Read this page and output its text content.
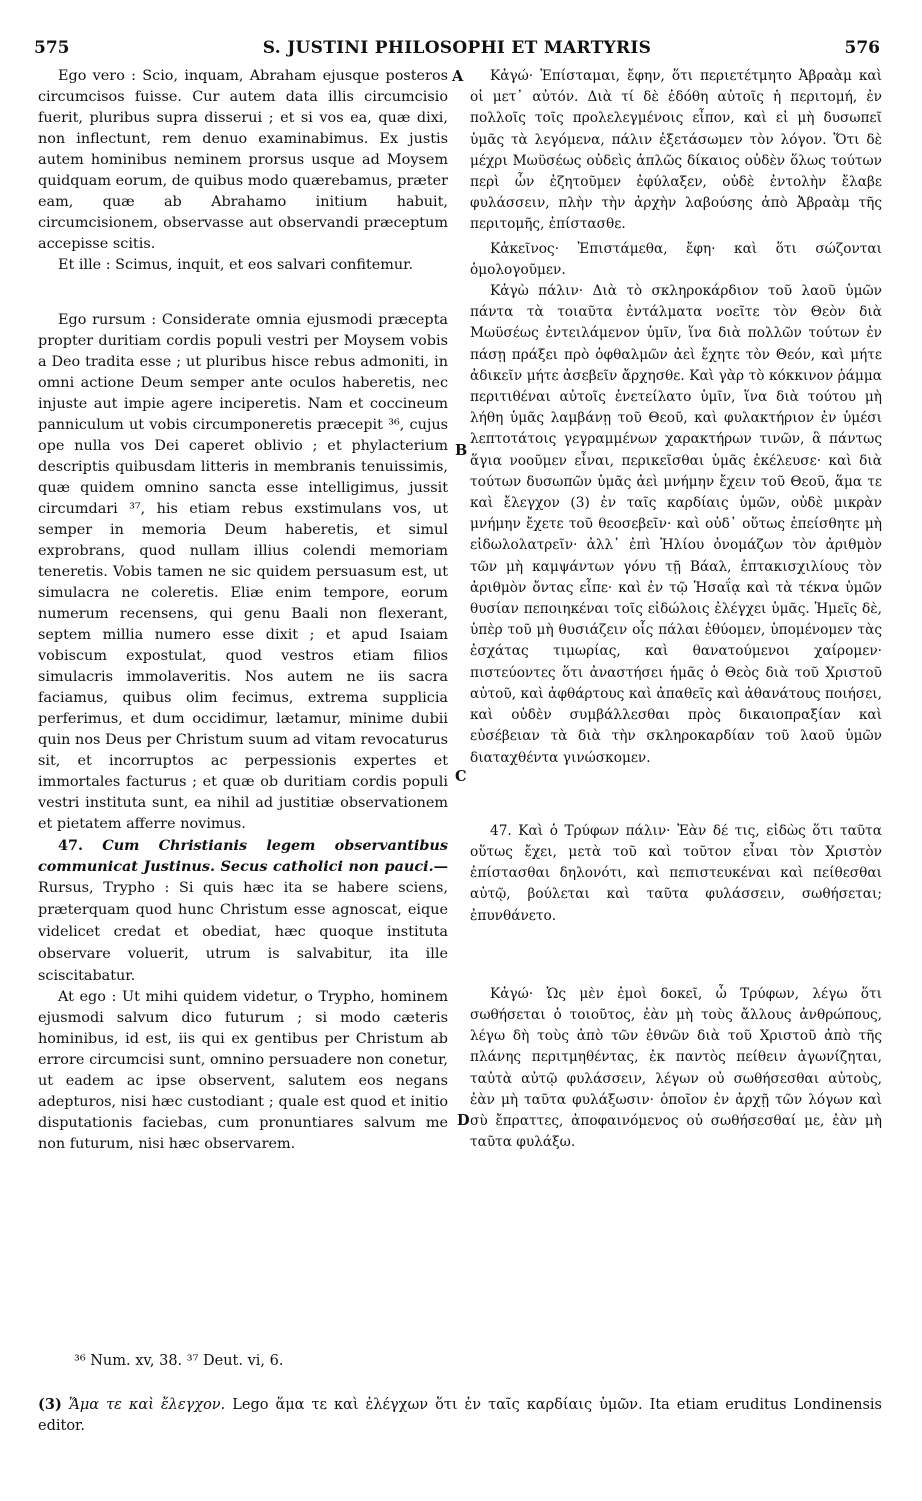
575	S. JUSTINI PHILOSOPHI ET MARTYRIS	576

Ego vero : Scio, inquam, Abraham ejusque posteros circumcisos fuisse. Cur autem data illis circumcisio fuerit, pluribus supra disserui ; et si vos ea, quæ dixi, non inflectunt, rem denuo examinabimus. Ex justis autem hominibus neminem prorsus usque ad Moysem quidquam eorum, de quibus modo quærebamus, præter eam, quæ ab Abrahamo initium habuit, circumcisionem, observasse aut observandi præceptum accepisse scitis.

Et ille : Scimus, inquit, et eos salvari confitemur.

Ego rursum : Considerate omnia ejusmodi præcepta propter duritiam cordis populi vestri per Moysem vobis a Deo tradita esse ; ut pluribus hisce rebus admoniti, in omni actione Deum semper ante oculos haberetis, nec injuste aut impie agere inciperetis. Nam et coccineum panniculum ut vobis circumponeretis præcepit ³⁶, cujus ope nulla vos Dei caperet oblivio ; et phylacterium descriptis quibusdam litteris in membranis tenuissimis, quæ quidem omnino sancta esse intelligimus, jussit circumdari ³⁷, his etiam rebus exstimulans vos, ut semper in memoria Deum haberetis, et simul exprobrans, quod nullam illius colendi memoriam teneretis. Vobis tamen ne sic quidem persuasum est, ut simulacra ne coleretis. Eliæ enim tempore, eorum numerum recensens, qui genu Baali non flexerant, septem millia numero esse dixit ; et apud Isaiam vobiscum expostulat, quod vestros etiam filios simulacris immolaveritis. Nos autem ne iis sacra faciamus, quibus olim fecimus, extrema supplicia perferimus, et dum occidimur, lætamur, minime dubii quin nos Deus per Christum suum ad vitam revocaturus sit, et incorruptos ac perpessionis expertes et immortales facturus ; et quæ ob duritiam cordis populi vestri instituta sunt, ea nihil ad justitiæ observationem et pietatem afferre novimus.

47. Cum Christianis legem observantibus communicat Justinus. Secus catholici non pauci.— Rursus, Trypho : Si quis hæc ita se habere sciens, præterquam quod hunc Christum esse agnoscat, eique videlicet credat et obediat, hæc quoque instituta observare voluerit, utrum is salvabitur, ita ille sciscitabatur.

At ego : Ut mihi quidem videtur, o Trypho, hominem ejusmodi salvum dico futurum ; si modo cæteris hominibus, id est, iis qui ex gentibus per Christum ab errore circumcisi sunt, omnino persuadere non conetur, ut eadem ac ipse observent, salutem eos negans adepturos, nisi hæc custodiant ; quale est quod et initio disputationis faciebas, cum pronuntiares salvum me non futurum, nisi hæc observarem.

Κἀγώ· Ἐπίσταμαι, ἔφην, ὅτι περιετέτμητο Ἀβραὰμ καὶ οἱ μετ᾽ αὐτόν. Διὰ τί δὲ ἐδόθη αὐτοῖς ἡ περιτομή, ἐν πολλοῖς τοῖς προλελεγμένοις εἶπον, καὶ εἰ μὴ δυσωπεῖ ὑμᾶς τὰ λεγόμενα, πάλιν ἐξετάσωμεν τὸν λόγον. Ὅτι δὲ μέχρι Μωϋσέως οὐδεὶς ἁπλῶς δίκαιος οὐδὲν ὅλως τούτων περὶ ὧν ἐζητοῦμεν ἐφύλαξεν, οὐδὲ ἐντολὴν ἔλαβε φυλάσσειν, πλὴν τὴν ἀρχὴν λαβούσης ἀπὸ Ἀβραὰμ τῆς περιτομῆς, ἐπίστασθε.

Κἀκεῖνος· Ἐπιστάμεθα, ἔφη· καὶ ὅτι σώζονται ὁμολογοῦμεν.

Κἀγὼ πάλιν· Διὰ τὸ σκληροκάρδιον τοῦ λαοῦ ὑμῶν πάντα τὰ τοιαῦτα ἐντάλματα νοεῖτε τὸν Θεὸν διὰ Μωϋσέως ἐντειλάμενον ὑμῖν, ἵνα διὰ πολλῶν τούτων ἐν πάσῃ πράξει πρὸ ὀφθαλμῶν ἀεὶ ἔχητε τὸν Θεόν, καὶ μήτε ἀδικεῖν μήτε ἀσεβεῖν ἄρχησθε. Καὶ γὰρ τὸ κόκκινον ῥάμμα περιτιθέναι αὐτοῖς ἐνετείλατο ὑμῖν, ἵνα διὰ τούτου μὴ λήθη ὑμᾶς λαμβάνῃ τοῦ Θεοῦ, καὶ φυλακτήριον ἐν ὑμέσι λεπτοτάτοις γεγραμμένων χαρακτήρων τινῶν, ἃ πάντως ἅγια νοοῦμεν εἶναι, περικεῖσθαι ὑμᾶς ἐκέλευσε· καὶ διὰ τούτων δυσωπῶν ὑμᾶς ἀεὶ μνήμην ἔχειν τοῦ Θεοῦ, ἅμα τε καὶ ἔλεγχον (3) ἐν ταῖς καρδίαις ὑμῶν, οὐδὲ μικρὰν μνήμην ἔχετε τοῦ θεοσεβεῖν· καὶ οὐδ᾽ οὕτως ἐπείσθητε μὴ εἰδωλολατρεῖν· ἀλλ᾽ ἐπὶ Ἠλίου ὀνομάζων τὸν ἀριθμὸν τῶν μὴ καμψάντων γόνυ τῇ Βάαλ, ἑπτακισχιλίους τὸν ἀριθμὸν ὄντας εἶπε· καὶ ἐν τῷ Ἡσαΐᾳ καὶ τὰ τέκνα ὑμῶν θυσίαν πεποιηκέναι τοῖς εἰδώλοις ἐλέγχει ὑμᾶς. Ἡμεῖς δὲ, ὑπὲρ τοῦ μὴ θυσιάζειν οἷς πάλαι ἐθύομεν, ὑπομένομεν τὰς ἐσχάτας τιμωρίας, καὶ θανατούμενοι χαίρομεν· πιστεύοντες ὅτι ἀναστήσει ἡμᾶς ὁ Θεὸς διὰ τοῦ Χριστοῦ αὐτοῦ, καὶ ἀφθάρτους καὶ ἀπαθεῖς καὶ ἀθανάτους ποιήσει, καὶ οὐδὲν συμβάλλεσθαι πρὸς δικαιοπραξίαν καὶ εὐσέβειαν τὰ διὰ τὴν σκληροκαρδίαν τοῦ λαοῦ ὑμῶν διαταχθέντα γινώσκομεν.

47. Καὶ ὁ Τρύφων πάλιν· Ἐὰν δέ τις, εἰδὼς ὅτι ταῦτα οὕτως ἔχει, μετὰ τοῦ καὶ τοῦτον εἶναι τὸν Χριστὸν ἐπίστασθαι δηλονότι, καὶ πεπιστευκέναι καὶ πείθεσθαι αὐτῷ, βούλεται καὶ ταῦτα φυλάσσειν, σωθήσεται; ἐπυνθάνετο.

Κἀγώ· Ὡς μὲν ἐμοὶ δοκεῖ, ὦ Τρύφων, λέγω ὅτι σωθήσεται ὁ τοιοῦτος, ἐὰν μὴ τοὺς ἄλλους ἀνθρώπους, λέγω δὴ τοὺς ἀπὸ τῶν ἐθνῶν διὰ τοῦ Χριστοῦ ἀπὸ τῆς πλάνης περιτμηθέντας, ἐκ παντὸς πείθειν ἀγωνίζηται, ταὐτὰ αὐτῷ φυλάσσειν, λέγων οὐ σωθήσεσθαι αὐτοὺς, ἐὰν μὴ ταῦτα φυλάξωσιν· ὁποῖον ἐν ἀρχῇ τῶν λόγων καὶ σὺ ἔπραττες, ἀποφαινόμενος οὐ σωθήσεσθαί με, ἐὰν μὴ ταῦτα φυλάξω.

A
B
C
D
³⁶ Num. xv, 38. ³⁷ Deut. vi, 6.
(3) Ἅμα τε καὶ ἔλεγχον. Lego ἅμα τε καὶ ἐλέγχων ὅτι ἐν ταῖς καρδίαις ὑμῶν. Ita etiam eruditus Londinensis editor.
